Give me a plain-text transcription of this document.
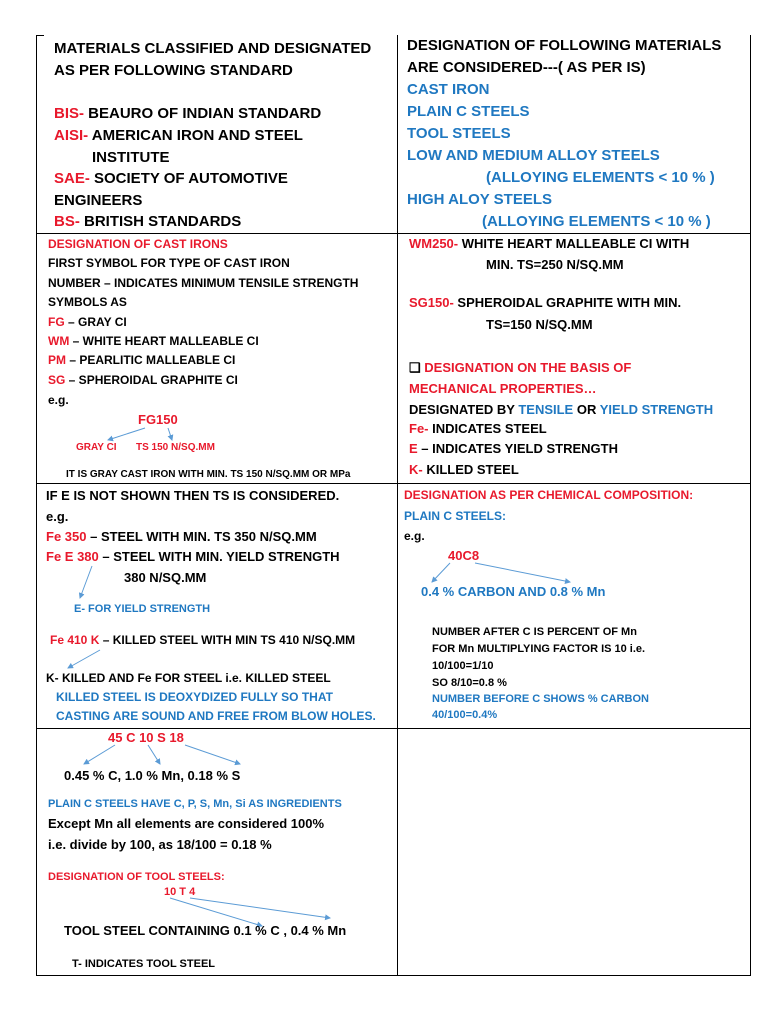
MATERIALS CLASSIFIED AND DESIGNATED
AS PER FOLLOWING STANDARD
BIS- BEAURO OF INDIAN STANDARD
AISI- AMERICAN IRON AND STEEL
INSTITUTE
SAE- SOCIETY OF AUTOMOTIVE
ENGINEERS
BS- BRITISH STANDARDS
DESIGNATION OF FOLLOWING MATERIALS
ARE CONSIDERED---( AS PER IS)
CAST IRON
PLAIN C STEELS
TOOL STEELS
LOW AND MEDIUM ALLOY STEELS
(ALLOYING ELEMENTS < 10 % )
HIGH ALOY STEELS
(ALLOYING ELEMENTS < 10 % )
DESIGNATION OF CAST IRONS
FIRST SYMBOL FOR TYPE OF CAST IRON
NUMBER – INDICATES MINIMUM TENSILE STRENGTH
SYMBOLS AS
FG – GRAY CI
WM – WHITE HEART MALLEABLE CI
PM – PEARLITIC MALLEABLE CI
SG – SPHEROIDAL GRAPHITE CI
e.g.
FG150
GRAY CI TS 150 N/SQ.MM
IT IS GRAY CAST IRON WITH MIN. TS 150 N/SQ.MM OR MPa
WM250- WHITE HEART MALLEABLE CI WITH
MIN. TS=250 N/SQ.MM
SG150- SPHEROIDAL GRAPHITE WITH MIN.
TS=150 N/SQ.MM
❑ DESIGNATION ON THE BASIS OF
MECHANICAL PROPERTIES…
DESIGNATED BY TENSILE OR YIELD STRENGTH
Fe- INDICATES STEEL
E – INDICATES YIELD STRENGTH
K- KILLED STEEL
IF E IS NOT SHOWN THEN TS IS CONSIDERED.
e.g.
Fe 350 – STEEL WITH MIN. TS 350 N/SQ.MM
Fe E 380 – STEEL WITH MIN. YIELD STRENGTH
380 N/SQ.MM
E- FOR YIELD STRENGTH
Fe 410 K – KILLED STEEL WITH MIN TS 410 N/SQ.MM
K- KILLED AND Fe FOR STEEL i.e. KILLED STEEL
KILLED STEEL IS DEOXYDIZED FULLY SO THAT
CASTING ARE SOUND AND FREE FROM BLOW HOLES.
DESIGNATION AS PER CHEMICAL COMPOSITION:
PLAIN C STEELS:
e.g.
40C8
0.4 % CARBON AND 0.8 % Mn
NUMBER AFTER C IS PERCENT OF Mn
FOR Mn MULTIPLYING FACTOR IS 10 i.e.
10/100=1/10
SO 8/10=0.8 %
NUMBER BEFORE C SHOWS % CARBON
40/100=0.4%
45 C 10 S 18
0.45 % C, 1.0 % Mn, 0.18 % S
PLAIN C STEELS HAVE C, P, S, Mn, Si AS INGREDIENTS
Except Mn all elements are considered 100%
i.e. divide by 100, as 18/100 = 0.18 %
DESIGNATION OF TOOL STEELS:
10 T 4
TOOL STEEL CONTAINING 0.1 % C , 0.4 % Mn
T- INDICATES TOOL STEEL
